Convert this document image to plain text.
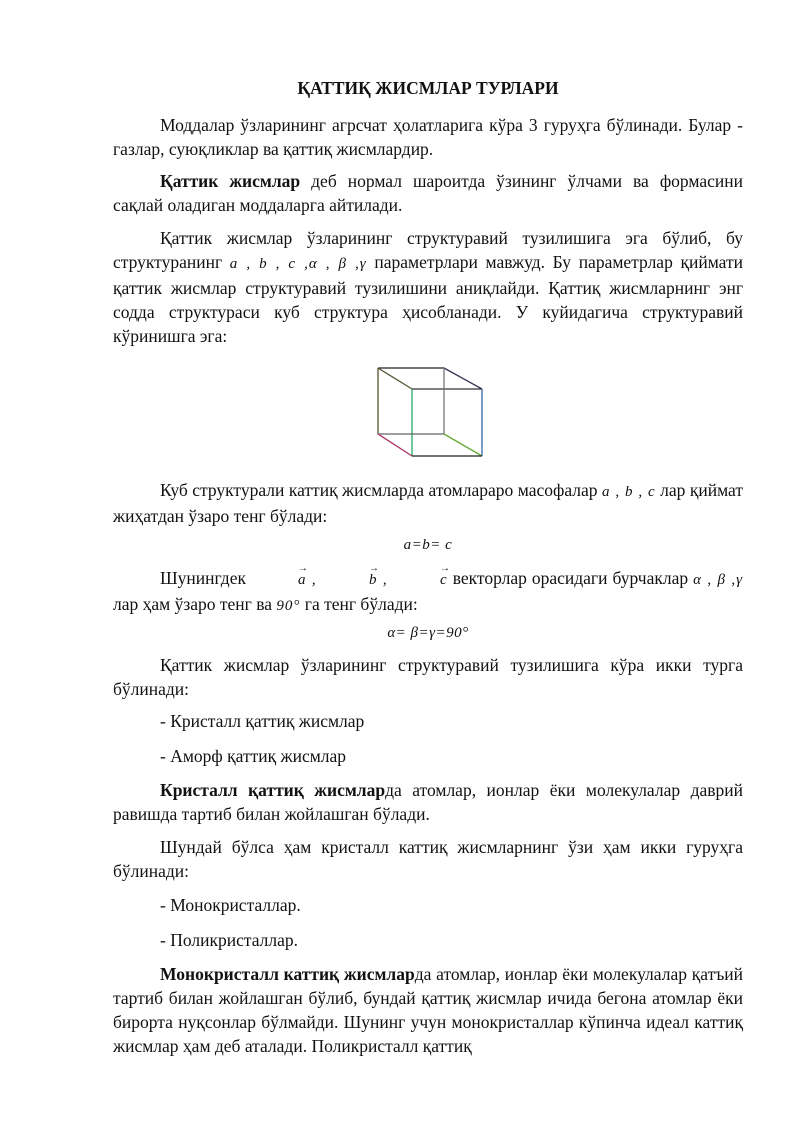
ҚАТТИҚ ЖИСМЛАР ТУРЛАРИ

Моддалар ўзларининг агрсчат ҳолатларига кўра 3 гуруҳга бўлинади. Булар - газлар, суюқликлар ва қаттиқ жисмлардир.

Қаттик жисмлар деб нормал шароитда ўзининг ўлчами ва формасини сақлай оладиган моддаларга айтилади.

Қаттик жисмлар ўзларининг структуравий тузилишига эга бўлиб, бу структуранинг a , b , c ,α , β ,γ параметрлари мавжуд. Бу параметрлар қиймати қаттик жисмлар структуравий тузилишини аниқлайди. Қаттиқ жисмларнинг энг содда структураси куб структура ҳисобланади. У куйидагича структуравий кўринишга эга:

Куб структурали каттиқ жисмларда атомлараро масофалар a , b , c лар қиймат жиҳатдан ўзаро тенг бўлади:

a=b= c

Шунингдек	→ a ,	→ b ,	→ c векторлар орасидаги бурчаклар α , β ,γ лар ҳам ўзаро тенг ва 90° га тенг бўлади:

α= β=γ=90°

Қаттик жисмлар ўзларининг структуравий тузилишига кўра икки турга бўлинади:

- Кристалл қаттиқ жисмлар

- Аморф қаттиқ жисмлар

Кристалл қаттиқ жисмларда атомлар, ионлар ёки молекулалар даврий равишда тартиб билан жойлашган бўлади.

Шундай бўлса ҳам кристалл каттиқ жисмларнинг ўзи ҳам икки гуруҳга бўлинади:

- Монокристаллар.

- Поликристаллар.

Монокристалл каттиқ жисмларда атомлар, ионлар ёки молекулалар қатъий тартиб билан жойлашган бўлиб, бундай қаттиқ жисмлар ичида бегона атомлар ёки бирорта нуқсонлар бўлмайди. Шунинг учун монокристаллар кўпинча идеал каттиқ жисмлар ҳам деб аталади. Поликристалл қаттиқ
